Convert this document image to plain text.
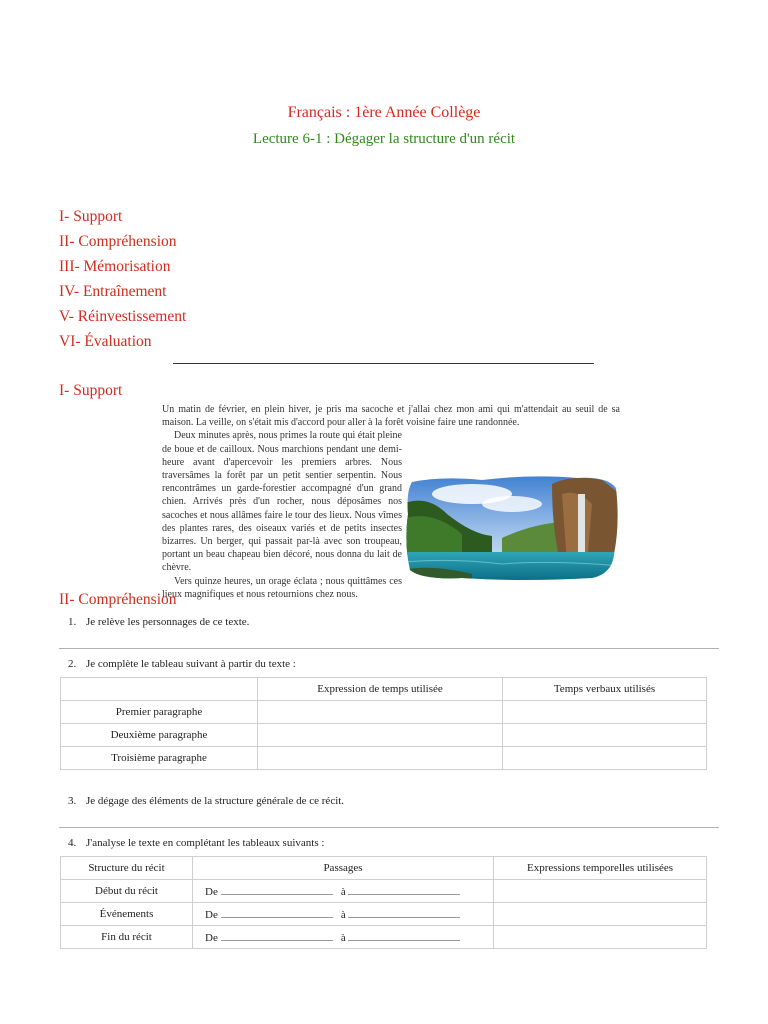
Français : 1ère Année Collège
Lecture 6-1 : Dégager la structure d'un récit
I- Support
II- Compréhension
III- Mémorisation
IV- Entraînement
V- Réinvestissement
VI- Évaluation
I- Support

Un matin de février, en plein hiver, je pris ma sacoche et j'allai chez mon ami qui m'attendait au seuil de sa maison. La veille, on s'était mis d'accord pour aller à la forêt voisine faire une randonnée.

Deux minutes après, nous primes la route qui était pleine de boue et de cailloux. Nous marchions pendant une demi-heure avant d'apercevoir les premiers arbres. Nous traversâmes la forêt par un petit sentier serpentin. Nous rencontrâmes un garde-forestier accompagné d'un grand chien. Arrivés près d'un rocher, nous déposâmes nos sacoches et nous allâmes faire le tour des lieux. Nous vîmes des plantes rares, des oiseaux variés et de petits insectes bizarres. Un berger, qui passait par-là avec son troupeau, portant un beau chapeau bien décoré, nous donna du lait de chèvre.

Vers quinze heures, un orage éclata ; nous quittâmes ces lieux magnifiques et nous retournions chez nous.

II- Compréhension
1. Je relève les personnages de ce texte.
2. Je complète le tableau suivant à partir du texte :
	Expression de temps utilisée	Temps verbaux utilisés
Premier paragraphe		
Deuxième paragraphe		
Troisième paragraphe		
3. Je dégage des éléments de la structure générale de ce récit.
4. J'analyse le texte en complétant les tableaux suivants :
Structure du récit	Passages	Expressions temporelles utilisées
Début du récit	De à	
Événements	De à	
Fin du récit	De à	
